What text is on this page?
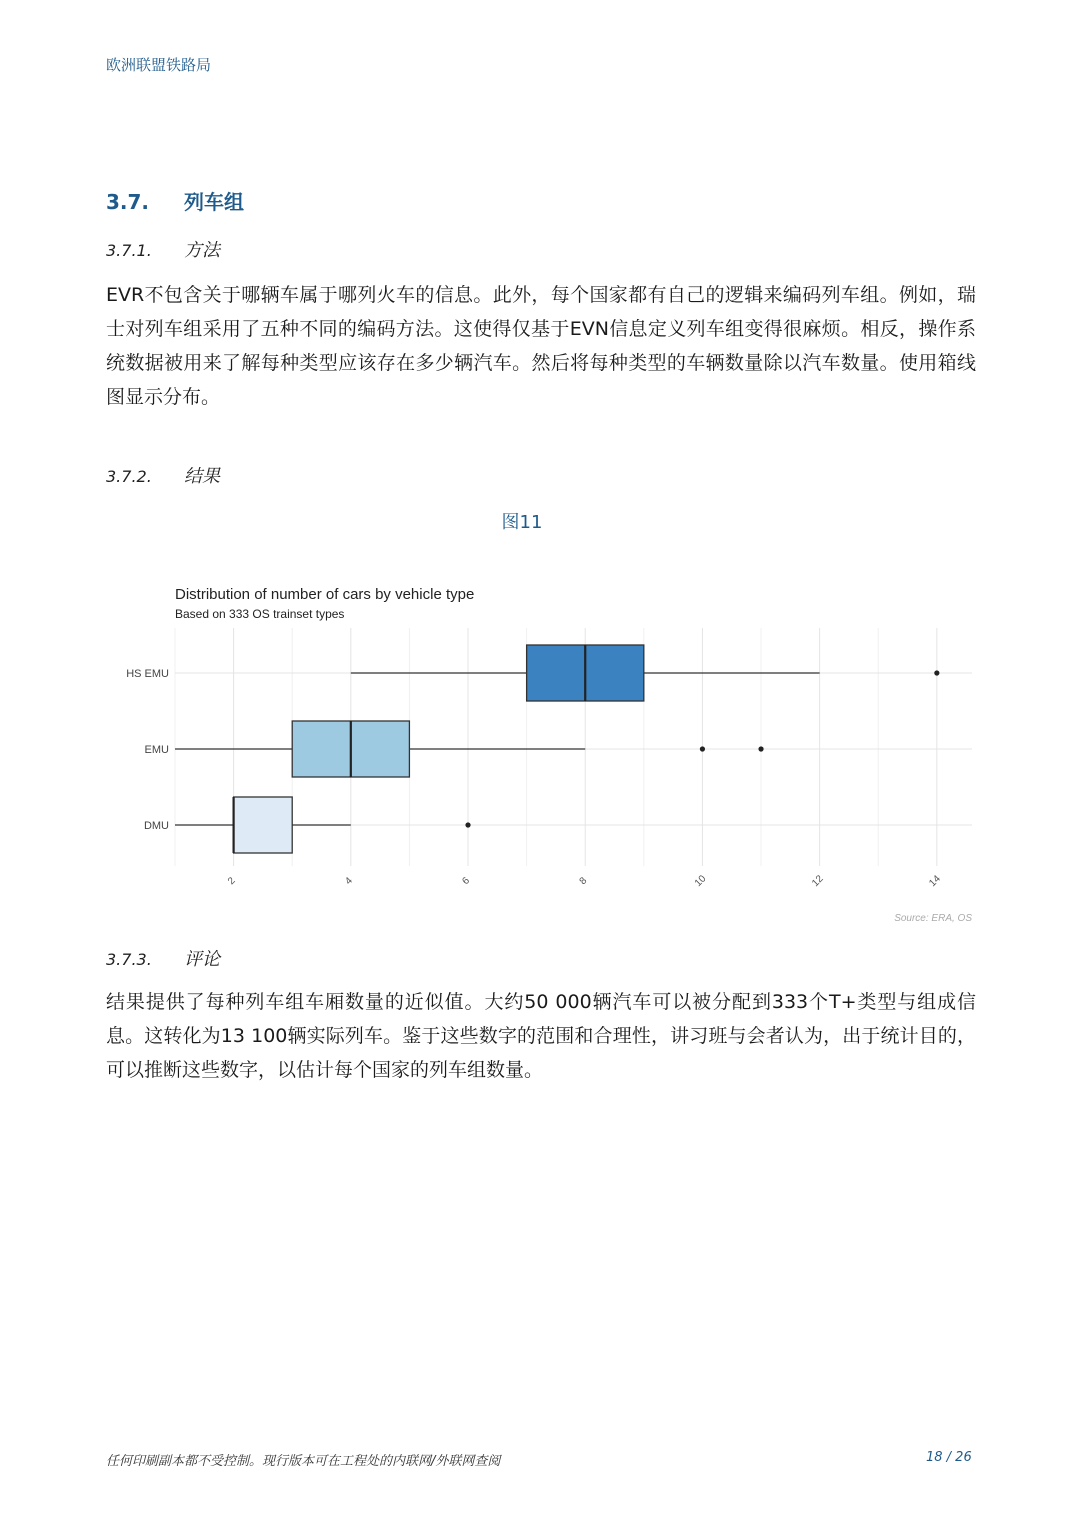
欧洲联盟铁路局
3.7. 列车组
3.7.1. 方法

EVR不包含关于哪辆车属于哪列火车的信息。此外，每个国家都有自己的逻辑来编码列车组。例如，瑞士对列车组采用了五种不同的编码方法。这使得仅基于EVN信息定义列车组变得很麻烦。相反，操作系统数据被用来了解每种类型应该存在多少辆汽车。然后将每种类型的车辆数量除以汽车数量。使用箱线图显示分布。

3.7.2. 结果
图11
Distribution of number of cars by vehicle type
Based on 333 OS trainset types
HS EMU
EMU
DMU
2	4	6	8	10	12	14
Source: ERA, OS
3.7.3. 评论

结果提供了每种列车组车厢数量的近似值。大约50 000辆汽车可以被分配到333个T+类型与组成信息。这转化为13 100辆实际列车。鉴于这些数字的范围和合理性，讲习班与会者认为，出于统计目的，可以推断这些数字，以估计每个国家的列车组数量。

任何印刷副本都不受控制。现行版本可在工程处的内联网/外联网查阅	18 / 26
